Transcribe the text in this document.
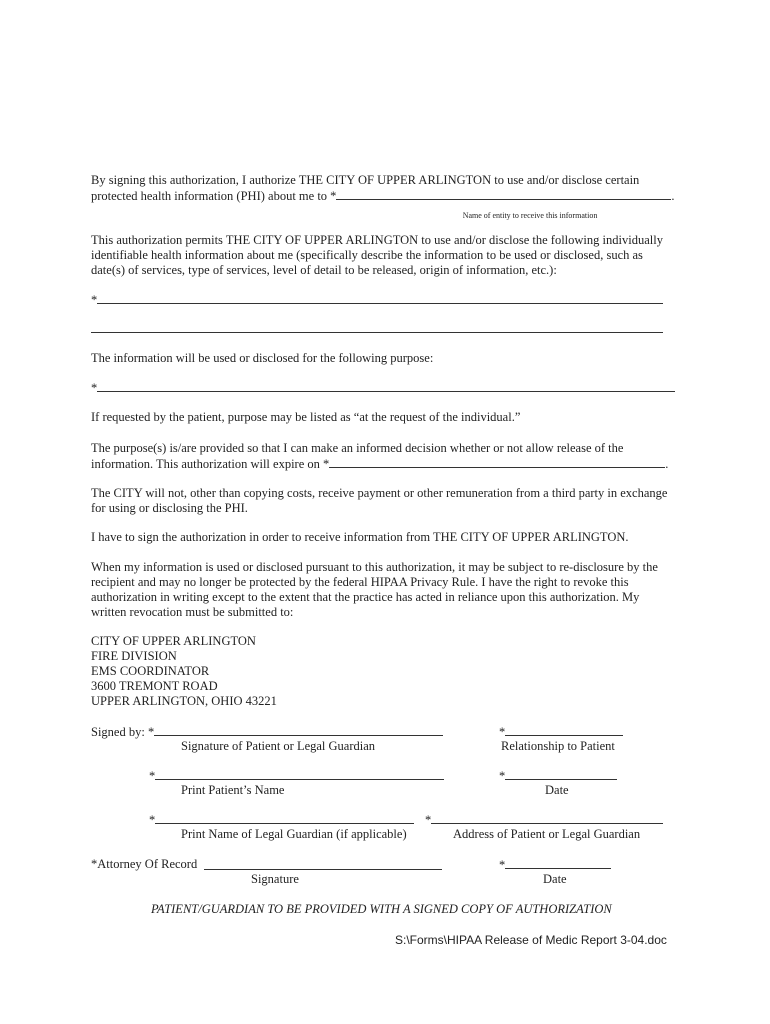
By signing this authorization, I authorize THE CITY OF UPPER ARLINGTON to use and/or disclose certain
protected health information (PHI) about me to *	.
Name of entity to receive this information
This authorization permits THE CITY OF UPPER ARLINGTON to use and/or disclose the following individually
identifiable health information about me (specifically describe the information to be used or disclosed, such as
date(s) of services, type of services, level of detail to be released, origin of information, etc.):
*
The information will be used or disclosed for the following purpose:
*
If requested by the patient, purpose may be listed as “at the request of the individual.”
The purpose(s) is/are provided so that I can make an informed decision whether or not allow release of the
information. This authorization will expire on *	.
The CITY will not, other than copying costs, receive payment or other remuneration from a third party in exchange
for using or disclosing the PHI.
I have to sign the authorization in order to receive information from THE CITY OF UPPER ARLINGTON.
When my information is used or disclosed pursuant to this authorization, it may be subject to re-disclosure by the
recipient and may no longer be protected by the federal HIPAA Privacy Rule. I have the right to revoke this
authorization in writing except to the extent that the practice has acted in reliance upon this authorization. My
written revocation must be submitted to:
CITY OF UPPER ARLINGTON
FIRE DIVISION
EMS COORDINATOR
3600 TREMONT ROAD
UPPER ARLINGTON, OHIO 43221
Signed by: *	*
Signature of Patient or Legal Guardian	Relationship to Patient
*	*
Print Patient’s Name	Date
*	*
Print Name of Legal Guardian (if applicable)	Address of Patient or Legal Guardian
*Attorney Of Record	*
Signature	Date
PATIENT/GUARDIAN TO BE PROVIDED WITH A SIGNED COPY OF AUTHORIZATION
S:\Forms\HIPAA Release of Medic Report 3-04.doc
